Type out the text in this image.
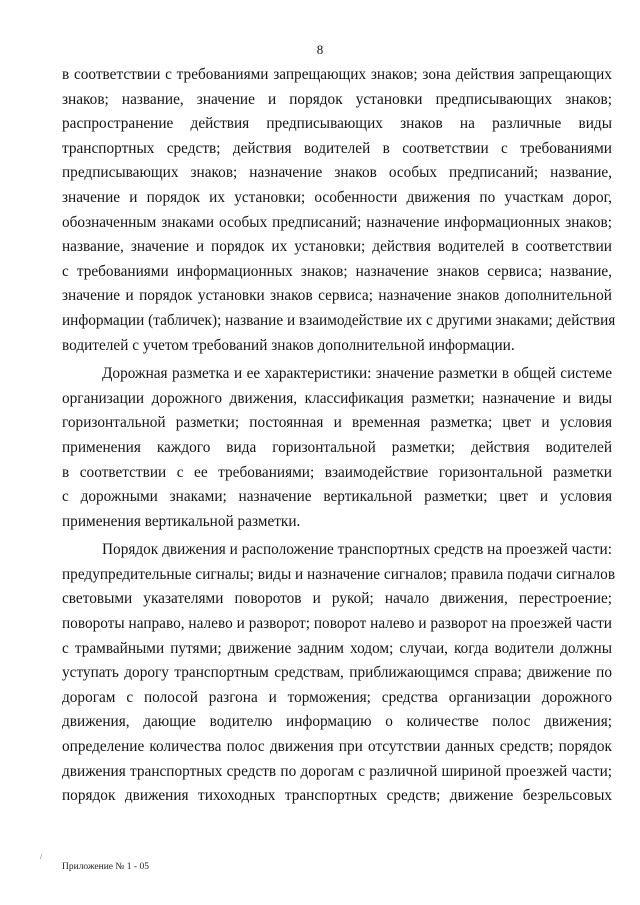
8
в соответствии с требованиями запрещающих знаков; зона действия запрещающих
знаков; название, значение и порядок установки предписывающих знаков;
распространение действия предписывающих знаков на различные виды
транспортных средств; действия водителей в соответствии с требованиями
предписывающих знаков; назначение знаков особых предписаний; название,
значение и порядок их установки; особенности движения по участкам дорог,
обозначенным знаками особых предписаний; назначение информационных знаков;
название, значение и порядок их установки; действия водителей в соответствии
с требованиями информационных знаков; назначение знаков сервиса; название,
значение и порядок установки знаков сервиса; назначение знаков дополнительной
информации (табличек); название и взаимодействие их с другими знаками; действия
водителей с учетом требований знаков дополнительной информации.
Дорожная разметка и ее характеристики: значение разметки в общей системе
организации дорожного движения, классификация разметки; назначение и виды
горизонтальной разметки; постоянная и временная разметка; цвет и условия
применения каждого вида горизонтальной разметки; действия водителей
в соответствии с ее требованиями; взаимодействие горизонтальной разметки
с дорожными знаками; назначение вертикальной разметки; цвет и условия
применения вертикальной разметки.
Порядок движения и расположение транспортных средств на проезжей части:
предупредительные сигналы; виды и назначение сигналов; правила подачи сигналов
световыми указателями поворотов и рукой; начало движения, перестроение;
повороты направо, налево и разворот; поворот налево и разворот на проезжей части
с трамвайными путями; движение задним ходом; случаи, когда водители должны
уступать дорогу транспортным средствам, приближающимся справа; движение по
дорогам с полосой разгона и торможения; средства организации дорожного
движения, дающие водителю информацию о количестве полос движения;
определение количества полос движения при отсутствии данных средств; порядок
движения транспортных средств по дорогам с различной шириной проезжей части;
порядок движения тихоходных транспортных средств; движение безрельсовых
/
Приложение № 1 - 05
